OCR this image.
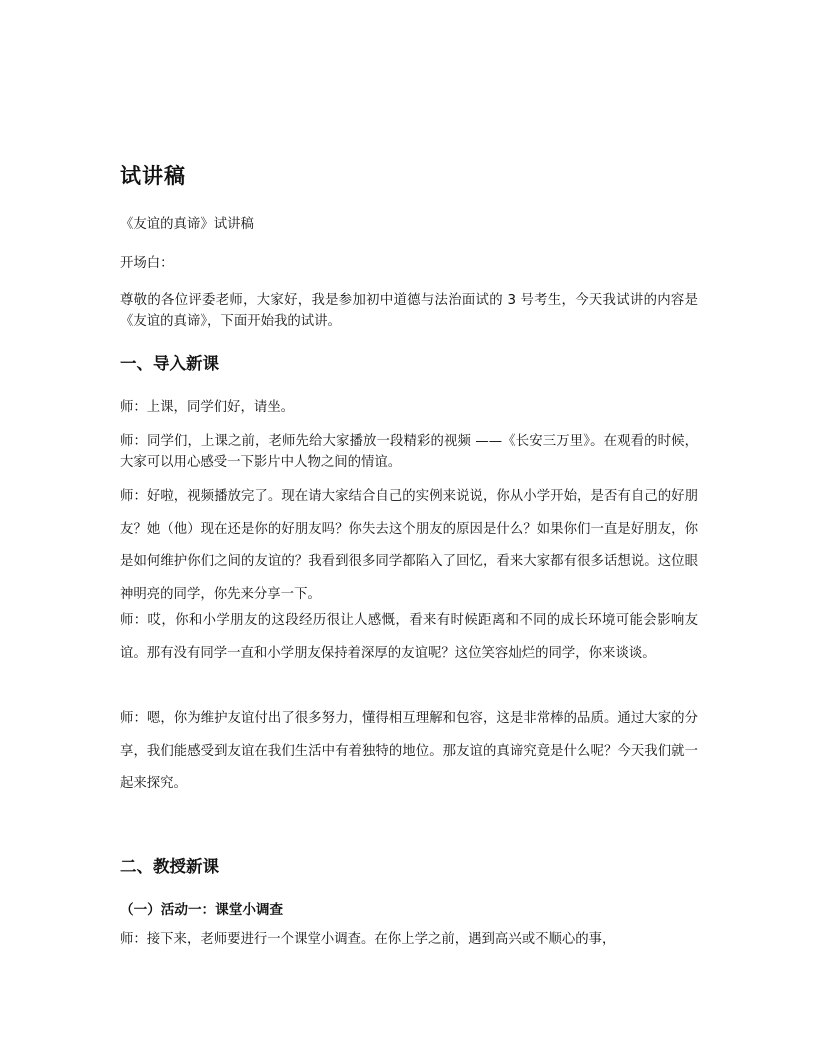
试讲稿
《友谊的真谛》试讲稿
开场白：
尊敬的各位评委老师，大家好，我是参加初中道德与法治面试的 3 号考生，今天我试讲的内容是《友谊的真谛》，下面开始我的试讲。
一、导入新课
师：上课，同学们好，请坐。
师：同学们，上课之前，老师先给大家播放一段精彩的视频 ——《长安三万里》。在观看的时候，大家可以用心感受一下影片中人物之间的情谊。
师：好啦，视频播放完了。现在请大家结合自己的实例来说说，你从小学开始，是否有自己的好朋友？她（他）现在还是你的好朋友吗？你失去这个朋友的原因是什么？如果你们一直是好朋友，你是如何维护你们之间的友谊的？我看到很多同学都陷入了回忆，看来大家都有很多话想说。这位眼神明亮的同学，你先来分享一下。
师：哎，你和小学朋友的这段经历很让人感慨，看来有时候距离和不同的成长环境可能会影响友谊。那有没有同学一直和小学朋友保持着深厚的友谊呢？这位笑容灿烂的同学，你来谈谈。
师：嗯，你为维护友谊付出了很多努力，懂得相互理解和包容，这是非常棒的品质。通过大家的分享，我们能感受到友谊在我们生活中有着独特的地位。那友谊的真谛究竟是什么呢？今天我们就一起来探究。
二、教授新课
（一）活动一：课堂小调查
师：接下来，老师要进行一个课堂小调查。在你上学之前，遇到高兴或不顺心的事，
